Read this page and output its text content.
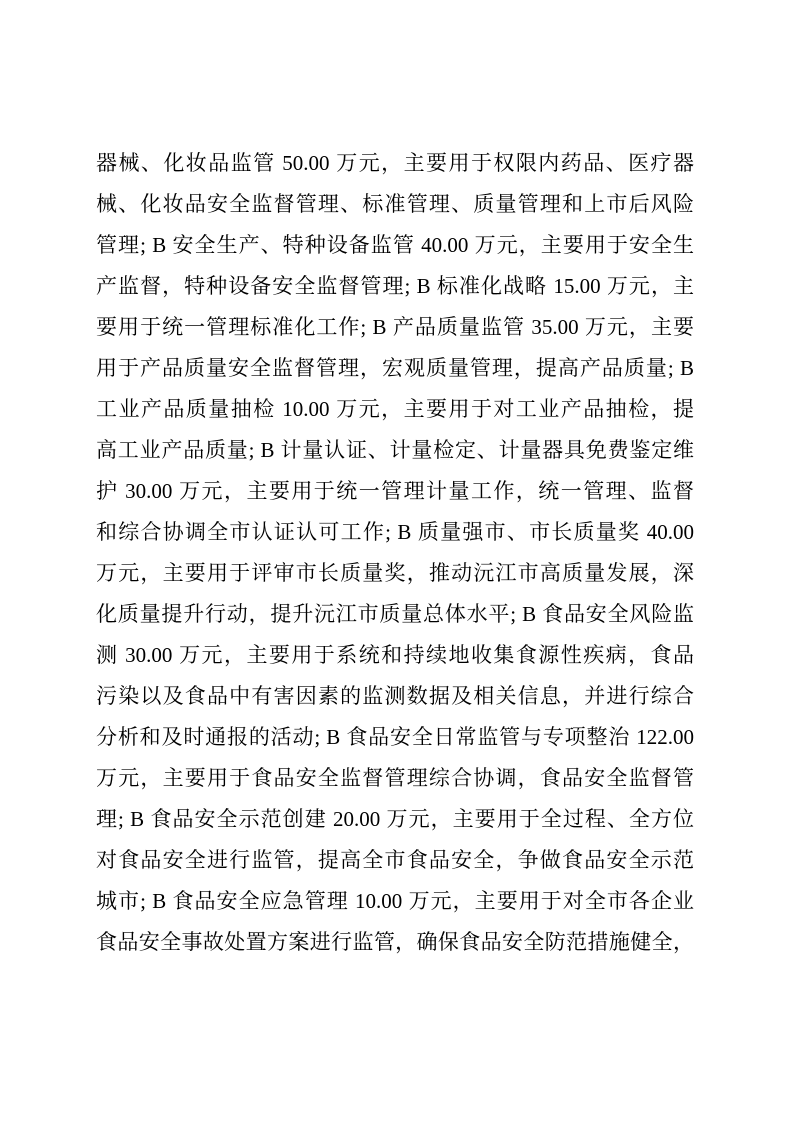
器械、化妆品监管 50.00 万元，主要用于权限内药品、医疗器
械、化妆品安全监督管理、标准管理、质量管理和上市后风险
管理; B 安全生产、特种设备监管 40.00 万元，主要用于安全生
产监督，特种设备安全监督管理; B 标准化战略 15.00 万元，主
要用于统一管理标准化工作; B 产品质量监管 35.00 万元，主要
用于产品质量安全监督管理，宏观质量管理，提高产品质量; B
工业产品质量抽检 10.00 万元，主要用于对工业产品抽检，提
高工业产品质量; B 计量认证、计量检定、计量器具免费鉴定维
护 30.00 万元，主要用于统一管理计量工作，统一管理、监督
和综合协调全市认证认可工作; B 质量强市、市长质量奖 40.00
万元，主要用于评审市长质量奖，推动沅江市高质量发展，深
化质量提升行动，提升沅江市质量总体水平; B 食品安全风险监
测 30.00 万元，主要用于系统和持续地收集食源性疾病，食品
污染以及食品中有害因素的监测数据及相关信息，并进行综合
分析和及时通报的活动; B 食品安全日常监管与专项整治 122.00
万元，主要用于食品安全监督管理综合协调，食品安全监督管
理; B 食品安全示范创建 20.00 万元，主要用于全过程、全方位
对食品安全进行监管，提高全市食品安全，争做食品安全示范
城市; B 食品安全应急管理 10.00 万元，主要用于对全市各企业
食品安全事故处置方案进行监管，确保食品安全防范措施健全，
